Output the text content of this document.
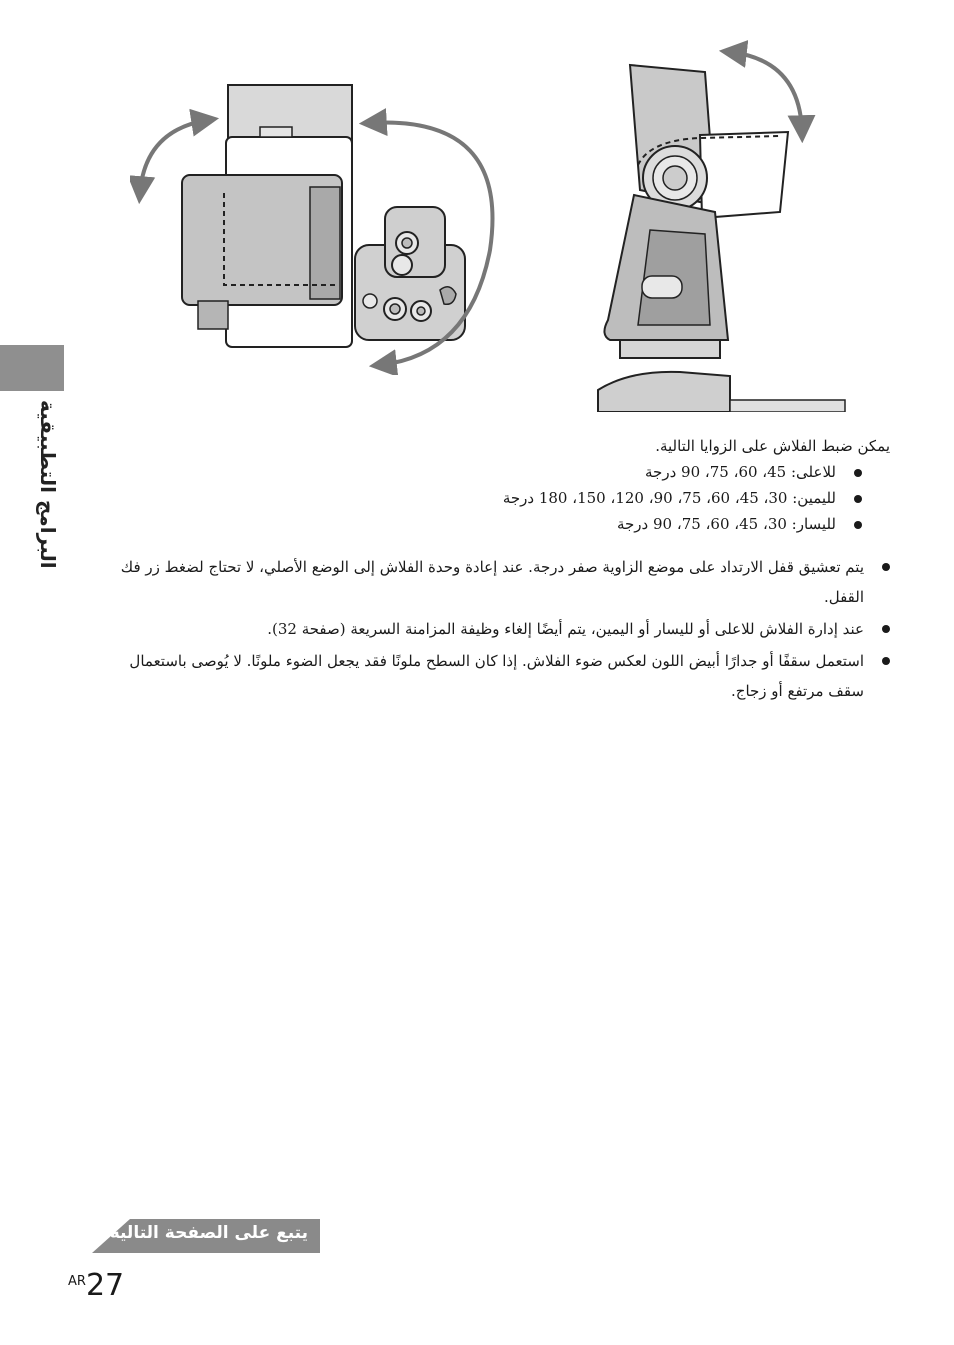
البرامج التطبيقية	يمكن ضبط الفلاش على الزوايا التالية.

للاعلى: 45، 60، 75، 90 درجة
لليمين: 30، 45، 60، 75، 90، 120، 150، 180 درجة
لليسار: 30، 45، 60، 75، 90 درجة
يتم تعشيق قفل الارتداد على موضع الزاوية صفر درجة. عند إعادة وحدة الفلاش إلى الوضع الأصلي، لا تحتاج لضغط زر فك القفل.
عند إدارة الفلاش للاعلى أو لليسار أو اليمين، يتم أيضًا إلغاء وظيفة المزامنة السريعة (صفحة 32).
استعمل سقفًا أو جدارًا أبيض اللون لعكس ضوء الفلاش. إذا كان السطح ملونًا فقد يجعل الضوء ملونًا. لا يُوصى باستعمال سقف مرتفع أو زجاج.
يتبع على الصفحة التالية
$^{AR}$27
